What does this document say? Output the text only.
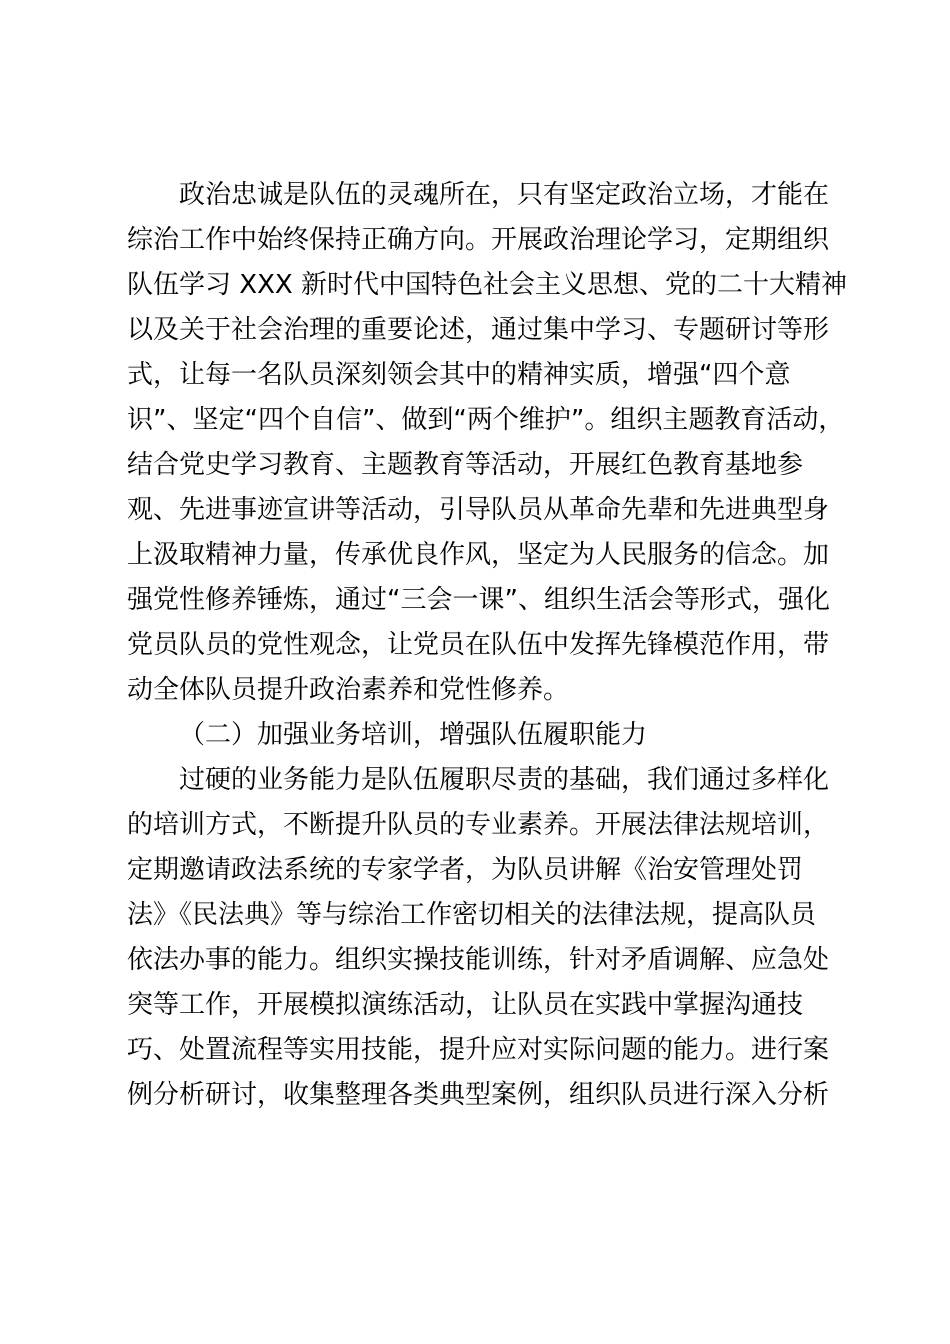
政治忠诚是队伍的灵魂所在，只有坚定政治立场，才能在
综治工作中始终保持正确方向。开展政治理论学习，定期组织
队伍学习 XXX 新时代中国特色社会主义思想、党的二十大精神
以及关于社会治理的重要论述，通过集中学习、专题研讨等形
式，让每一名队员深刻领会其中的精神实质，增强“四个意
识”、坚定“四个自信”、做到“两个维护”。组织主题教育活动，
结合党史学习教育、主题教育等活动，开展红色教育基地参
观、先进事迹宣讲等活动，引导队员从革命先辈和先进典型身
上汲取精神力量，传承优良作风，坚定为人民服务的信念。加
强党性修养锤炼，通过“三会一课”、组织生活会等形式，强化
党员队员的党性观念，让党员在队伍中发挥先锋模范作用，带
动全体队员提升政治素养和党性修养。
（二）加强业务培训，增强队伍履职能力
过硬的业务能力是队伍履职尽责的基础，我们通过多样化
的培训方式，不断提升队员的专业素养。开展法律法规培训，
定期邀请政法系统的专家学者，为队员讲解《治安管理处罚
法》《民法典》等与综治工作密切相关的法律法规，提高队员
依法办事的能力。组织实操技能训练，针对矛盾调解、应急处
突等工作，开展模拟演练活动，让队员在实践中掌握沟通技
巧、处置流程等实用技能，提升应对实际问题的能力。进行案
例分析研讨，收集整理各类典型案例，组织队员进行深入分析
